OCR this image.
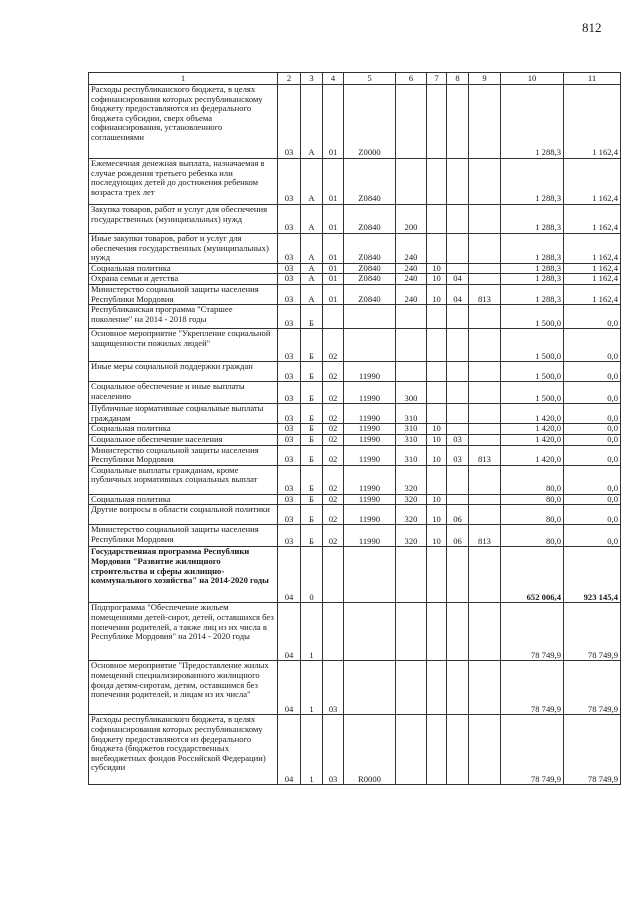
812
1	2	3	4	5	6	7	8	9	10	11
Расходы республиканского бюджета, в целях софинансирования которых республиканскому бюджету предоставляются из федерального бюджета субсидии, сверх объема софинансирования, установленного соглашениями	03	А	01	Z0000					1 288,3	1 162,4
Ежемесячная денежная выплата, назначаемая в случае рождения третьего ребенка или последующих детей до достижения ребенком возраста трех лет	03	А	01	Z0840					1 288,3	1 162,4
Закупка товаров, работ и услуг для обеспечения государственных (муниципальных) нужд	03	А	01	Z0840	200				1 288,3	1 162,4
Иные закупки товаров, работ и услуг для обеспечения государственных (муниципальных) нужд	03	А	01	Z0840	240				1 288,3	1 162,4
Социальная политика	03	А	01	Z0840	240	10			1 288,3	1 162,4
Охрана семьи и детства	03	А	01	Z0840	240	10	04		1 288,3	1 162,4
Министерство социальной защиты населения Республики Мордовия	03	А	01	Z0840	240	10	04	813	1 288,3	1 162,4
Республиканская программа "Старшее поколение" на 2014 - 2018 годы	03	Б							1 500,0	0,0
Основное мероприятие "Укрепление социальной защищенности пожилых людей"	03	Б	02						1 500,0	0,0
Иные меры социальной поддержки граждан	03	Б	02	11990					1 500,0	0,0
Социальное обеспечение и иные выплаты населению	03	Б	02	11990	300				1 500,0	0,0
Публичные нормативные социальные выплаты гражданам	03	Б	02	11990	310				1 420,0	0,0
Социальная политика	03	Б	02	11990	310	10			1 420,0	0,0
Социальное обеспечение населения	03	Б	02	11990	310	10	03		1 420,0	0,0
Министерство социальной защиты населения Республики Мордовия	03	Б	02	11990	310	10	03	813	1 420,0	0,0
Социальные выплаты гражданам, кроме публичных нормативных социальных выплат	03	Б	02	11990	320				80,0	0,0
Социальная политика	03	Б	02	11990	320	10			80,0	0,0
Другие вопросы в области социальной политики	03	Б	02	11990	320	10	06		80,0	0,0
Министерство социальной защиты населения Республики Мордовия	03	Б	02	11990	320	10	06	813	80,0	0,0
Государственная программа Республики Мордовия "Развитие жилищного строительства и сферы жилищно-коммунального хозяйства" на 2014-2020 годы	04	0							652 006,4	923 145,4
Подпрограмма "Обеспечение жильем помещениями детей-сирот, детей, оставшихся без попечения родителей, а также лиц из их числа в Республике Мордовия" на 2014 - 2020 годы	04	1							78 749,9	78 749,9
Основное мероприятие "Предоставление жилых помещений специализированного жилищного фонда детям-сиротам, детям, оставшимся без попечения родителей, и лицам из их числа"	04	1	03						78 749,9	78 749,9
Расходы республиканского бюджета, в целях софинансирования которых республиканскому бюджету предоставляются из федерального бюджета (бюджетов государственных внебюджетных фондов Российской Федерации) субсидии	04	1	03	R0000					78 749,9	78 749,9
